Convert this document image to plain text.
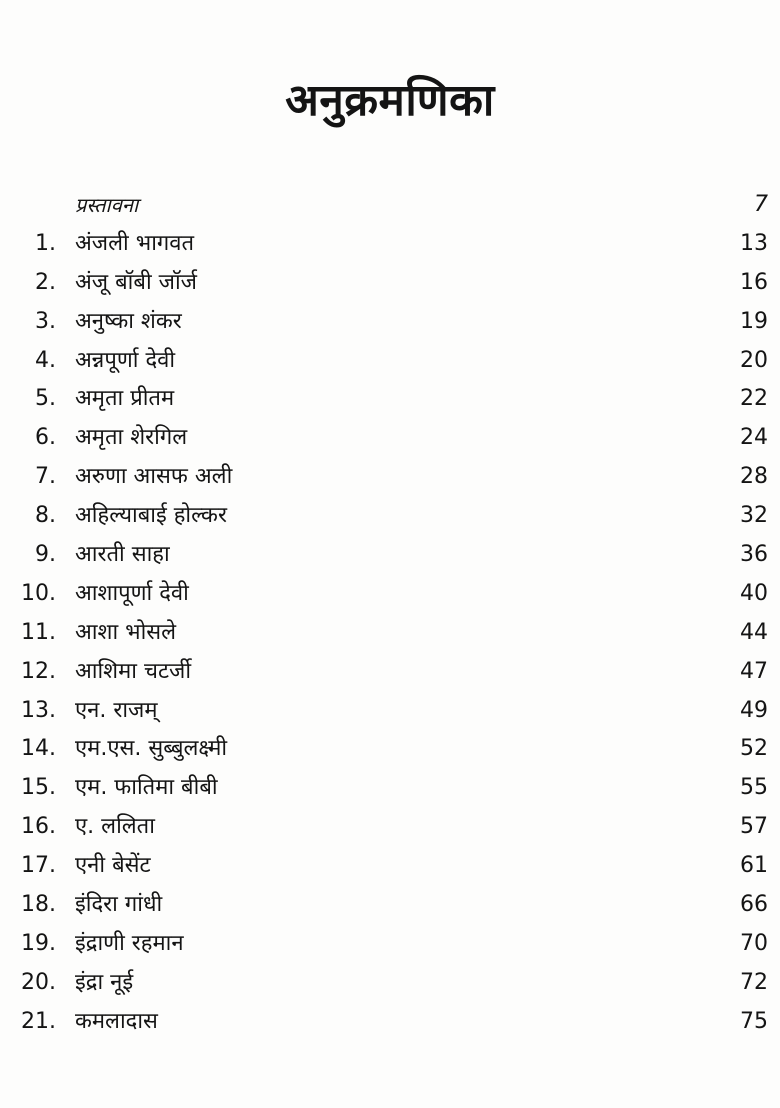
अनुक्रमणिका
प्रस्तावना	7
1. अंजली भागवत	13
2. अंजू बॉबी जॉर्ज	16
3. अनुष्का शंकर	19
4. अन्नपूर्णा देवी	20
5. अमृता प्रीतम	22
6. अमृता शेरगिल	24
7. अरुणा आसफ अली	28
8. अहिल्याबाई होल्कर	32
9. आरती साहा	36
10. आशापूर्णा देवी	40
11. आशा भोसले	44
12. आशिमा चटर्जी	47
13. एन. राजम्	49
14. एम.एस. सुब्बुलक्ष्मी	52
15. एम. फातिमा बीबी	55
16. ए. ललिता	57
17. एनी बेसेंट	61
18. इंदिरा गांधी	66
19. इंद्राणी रहमान	70
20. इंद्रा नूई	72
21. कमलादास	75
